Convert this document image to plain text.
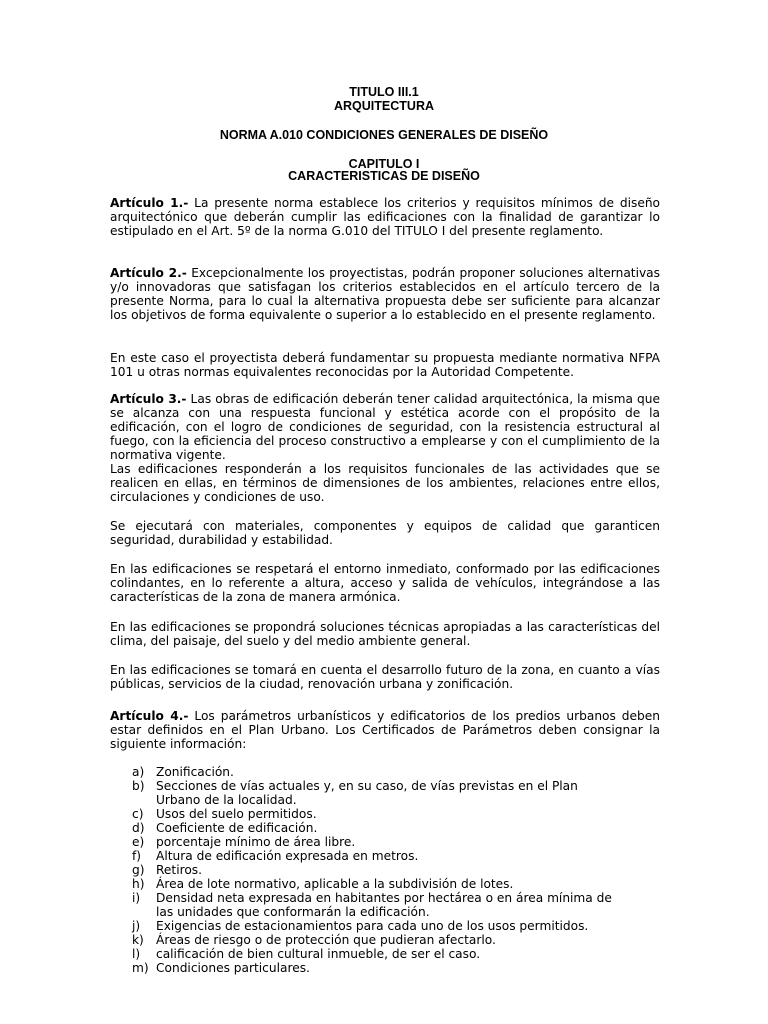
TITULO III.1

ARQUITECTURA

NORMA A.010 CONDICIONES GENERALES DE DISEÑO

CAPITULO I

CARACTERISTICAS DE DISEÑO

Artículo 1.- La presente norma establece los criterios y requisitos mínimos de diseño arquitectónico que deberán cumplir las edificaciones con la finalidad de garantizar lo estipulado en el Art. 5º de la norma G.010 del TITULO I del presente reglamento.

Artículo 2.- Excepcionalmente los proyectistas, podrán proponer soluciones alternativas y/o innovadoras que satisfagan los criterios establecidos en el artículo tercero de la presente Norma, para lo cual la alternativa propuesta debe ser suficiente para alcanzar los objetivos de forma equivalente o superior a lo establecido en el presente reglamento.

En este caso el proyectista deberá fundamentar su propuesta mediante normativa NFPA 101 u otras normas equivalentes reconocidas por la Autoridad Competente.

Artículo 3.- Las obras de edificación deberán tener calidad arquitectónica, la misma que se alcanza con una respuesta funcional y estética acorde con el propósito de la edificación, con el logro de condiciones de seguridad, con la resistencia estructural al fuego, con la eficiencia del proceso constructivo a emplearse y con el cumplimiento de la normativa vigente.

Las edificaciones responderán a los requisitos funcionales de las actividades que se realicen en ellas, en términos de dimensiones de los ambientes, relaciones entre ellos, circulaciones y condiciones de uso.

Se ejecutará con materiales, componentes y equipos de calidad que garanticen seguridad, durabilidad y estabilidad.

En las edificaciones se respetará el entorno inmediato, conformado por las edificaciones colindantes, en lo referente a altura, acceso y salida de vehículos, integrándose a las características de la zona de manera armónica.

En las edificaciones se propondrá soluciones técnicas apropiadas a las características del clima, del paisaje, del suelo y del medio ambiente general.

En las edificaciones se tomará en cuenta el desarrollo futuro de la zona, en cuanto a vías públicas, servicios de la ciudad, renovación urbana y zonificación.

Artículo 4.- Los parámetros urbanísticos y edificatorios de los predios urbanos deben estar definidos en el Plan Urbano. Los Certificados de Parámetros deben consignar la siguiente información:

a) Zonificación.
b) Secciones de vías actuales y, en su caso, de vías previstas en el Plan Urbano de la localidad.
c) Usos del suelo permitidos.
d) Coeficiente de edificación.
e) porcentaje mínimo de área libre.
f) Altura de edificación expresada en metros.
g) Retiros.
h) Área de lote normativo, aplicable a la subdivisión de lotes.
i) Densidad neta expresada en habitantes por hectárea o en área mínima de las unidades que conformarán la edificación.
j) Exigencias de estacionamientos para cada uno de los usos permitidos.
k) Áreas de riesgo o de protección que pudieran afectarlo.
l) calificación de bien cultural inmueble, de ser el caso.
m) Condiciones particulares.
